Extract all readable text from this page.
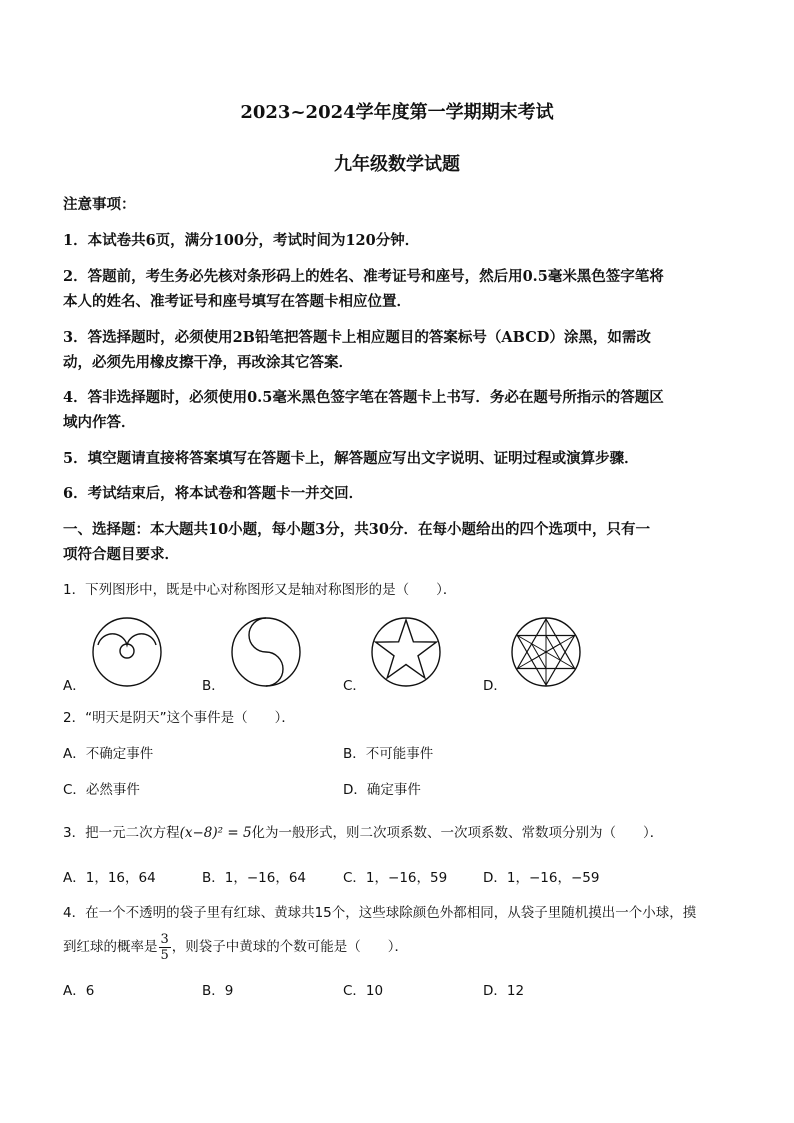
2023~2024学年度第一学期期末考试
九年级数学试题
注意事项：
1．本试卷共6页，满分100分，考试时间为120分钟．
2．答题前，考生务必先核对条形码上的姓名、准考证号和座号，然后用0.5毫米黑色签字笔将
本人的姓名、准考证号和座号填写在答题卡相应位置．
3．答选择题时，必须使用2B铅笔把答题卡上相应题目的答案标号（ABCD）涂黑，如需改
动，必须先用橡皮擦干净，再改涂其它答案．
4．答非选择题时，必须使用0.5毫米黑色签字笔在答题卡上书写．务必在题号所指示的答题区
域内作答．
5．填空题请直接将答案填写在答题卡上，解答题应写出文字说明、证明过程或演算步骤．
6．考试结束后，将本试卷和答题卡一并交回．
一、选择题：本大题共10小题，每小题3分，共30分．在每小题给出的四个选项中，只有一
项符合题目要求．
1．下列图形中，既是中心对称图形又是轴对称图形的是（　　）．
A．	B．	C．	D．
2．“明天是阴天”这个事件是（　　）．
A．不确定事件	B．不可能事件
C．必然事件	D．确定事件
3．把一元二次方程(x−8)² = 5化为一般形式，则二次项系数、一次项系数、常数项分别为（　　）．
A．1，16，64	B．1，−16，64	C．1，−16，59	D．1，−16，−59
4．在一个不透明的袋子里有红球、黄球共15个，这些球除颜色外都相同，从袋子里随机摸出一个小球，摸
到红球的概率是 $\frac{3}{5}$ ，则袋子中黄球的个数可能是（　　）．
A．6	B．9	C．10	D．12
